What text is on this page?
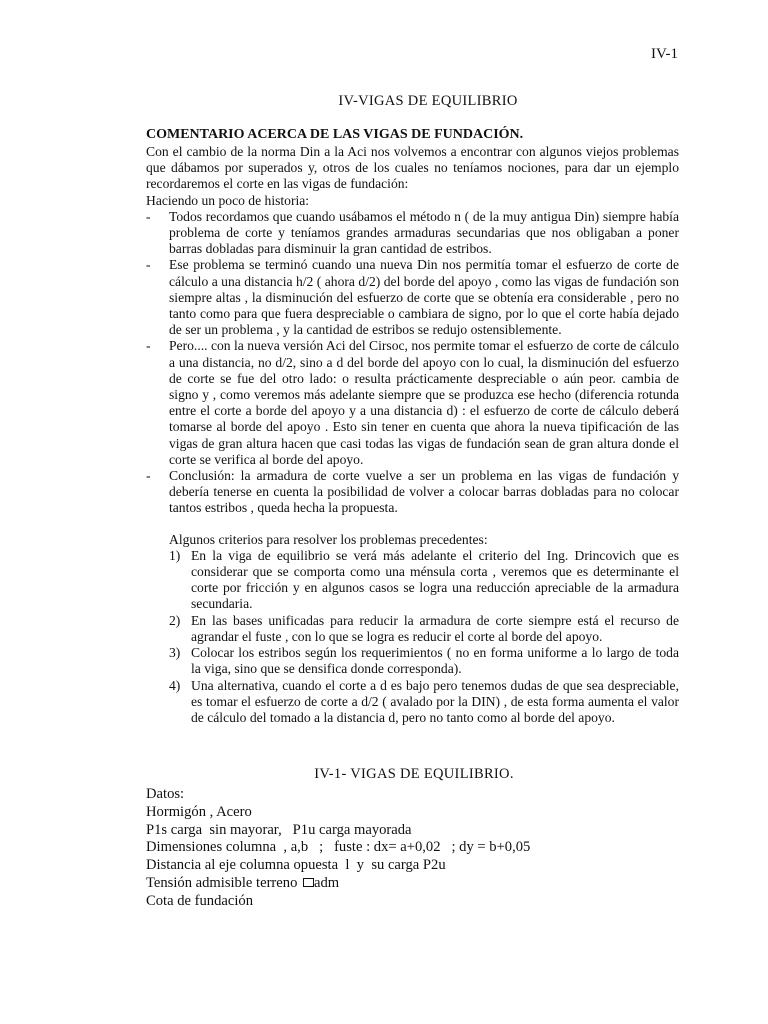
IV-1
IV-VIGAS DE EQUILIBRIO

COMENTARIO ACERCA DE LAS VIGAS DE FUNDACIÓN.

Con el cambio de la norma Din a la Aci nos volvemos a encontrar con algunos viejos problemas que dábamos por superados y, otros de los cuales no teníamos nociones, para dar un ejemplo recordaremos el corte en las vigas de fundación:

Haciendo un poco de historia:

- Todos recordamos que cuando usábamos el método n ( de la muy antigua Din) siempre había problema de corte y teníamos grandes armaduras secundarias que nos obligaban a poner barras dobladas para disminuir la gran cantidad de estribos.
- Ese problema se terminó cuando una nueva Din nos permitía tomar el esfuerzo de corte de cálculo a una distancia h/2 ( ahora d/2) del borde del apoyo , como las vigas de fundación son siempre altas , la disminución del esfuerzo de corte que se obtenía era considerable , pero no tanto como para que fuera despreciable o cambiara de signo, por lo que el corte había dejado de ser un problema , y la cantidad de estribos se redujo ostensiblemente.
- Pero.... con la nueva versión Aci del Cirsoc, nos permite tomar el esfuerzo de corte de cálculo a una distancia, no d/2, sino a d del borde del apoyo con lo cual, la disminución del esfuerzo de corte se fue del otro lado: o resulta prácticamente despreciable o aún peor. cambia de signo y , como veremos más adelante siempre que se produzca ese hecho (diferencia rotunda entre el corte a borde del apoyo y a una distancia d) : el esfuerzo de corte de cálculo deberá tomarse al borde del apoyo . Esto sin tener en cuenta que ahora la nueva tipificación de las vigas de gran altura hacen que casi todas las vigas de fundación sean de gran altura donde el corte se verifica al borde del apoyo.
- Conclusión: la armadura de corte vuelve a ser un problema en las vigas de fundación y debería tenerse en cuenta la posibilidad de volver a colocar barras dobladas para no colocar tantos estribos , queda hecha la propuesta.

Algunos criterios para resolver los problemas precedentes:

1) En la viga de equilibrio se verá más adelante el criterio del Ing. Drincovich que es considerar que se comporta como una ménsula corta , veremos que es determinante el corte por fricción y en algunos casos se logra una reducción apreciable de la armadura secundaria.
2) En las bases unificadas para reducir la armadura de corte siempre está el recurso de agrandar el fuste , con lo que se logra es reducir el corte al borde del apoyo.
3) Colocar los estribos según los requerimientos ( no en forma uniforme a lo largo de toda la viga, sino que se densifica donde corresponda).
4) Una alternativa, cuando el corte a d es bajo pero tenemos dudas de que sea despreciable, es tomar el esfuerzo de corte a d/2 ( avalado por la DIN) , de esta forma aumenta el valor de cálculo del tomado a la distancia d, pero no tanto como al borde del apoyo.
IV-1- VIGAS DE EQUILIBRIO.

Datos:

Hormigón , Acero

P1s carga  sin mayorar,   P1u carga mayorada

Dimensiones columna  , a,b   ;   fuste : dx= a+0,02   ; dy = b+0,05

Distancia al eje columna opuesta  l  y  su carga P2u

Tensión admisible terreno adm

Cota de fundación
